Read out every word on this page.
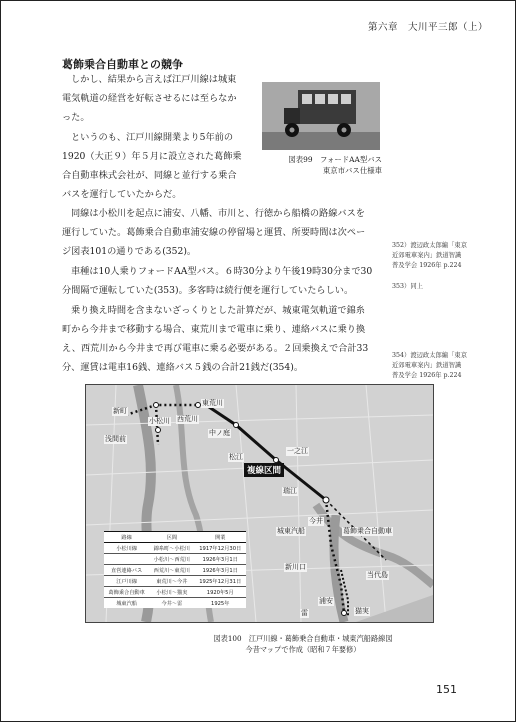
第六章　大川平三郎（上）
葛飾乗合自動車との競争

しかし、結果から言えば江戸川線は城東

電気軌道の経営を好転させるには至らなか

った。

というのも、江戸川線開業より5年前の

1920（大正９）年５月に設立された葛飾乗

合自動車株式会社が、同線と並行する乗合

バスを運行していたからだ。

図表99　フォードAA型バス
東京市バス仕様車

同線は小松川を起点に浦安、八幡、市川と、行徳から船橋の路線バスを

運行していた。葛飾乗合自動車浦安線の停留場と運賃、所要時間は次ペー

ジ図表101の通りである(352)。

車種は10人乗りフォードAA型バス。６時30分より午後19時30分まで30

分間隔で運転していた(353)。多客時は続行便を運行していたらしい。

乗り換え時間を含まないざっくりとした計算だが、城東電気軌道で錦糸

町から今井まで移動する場合、東荒川まで電車に乗り、連絡バスに乗り換

え、西荒川から今井まで再び電車に乗る必要がある。２回乗換えで合計33

分、運賃は電車16銭、連絡バス５銭の合計21銭だ(354)。

352）渡辺政太郎編「東京
近郊電車案内」鉄道智識
普及学会 1926年 p.224
353）同上
354）渡辺政太郎編「東京
近郊電車案内」鉄道智識
普及学会 1926年 p.224
新町
浅間前
小松川 西荒川
東荒川
中ノ庭
松江
一之江
瑞江
今井
城東汽船	葛飾乗合自動車
新川口
当代島
浦安
猫実
雷
複線区間
路線	区間	開業
小松川線	錦糸町～小松川	1917年12月30日
	小松川～西荒川	1926年3月1日
直営連絡バス	西荒川～東荒川	1926年3月1日
江戸川線	東荒川～今井	1925年12月31日
葛飾乗合自動車	小松川～猫実	1920年5月
城東汽船	今井～雷	1925年
図表100　江戸川線・葛飾乗合自動車・城東汽船路線図
今昔マップで作成（昭和７年要修）
151
